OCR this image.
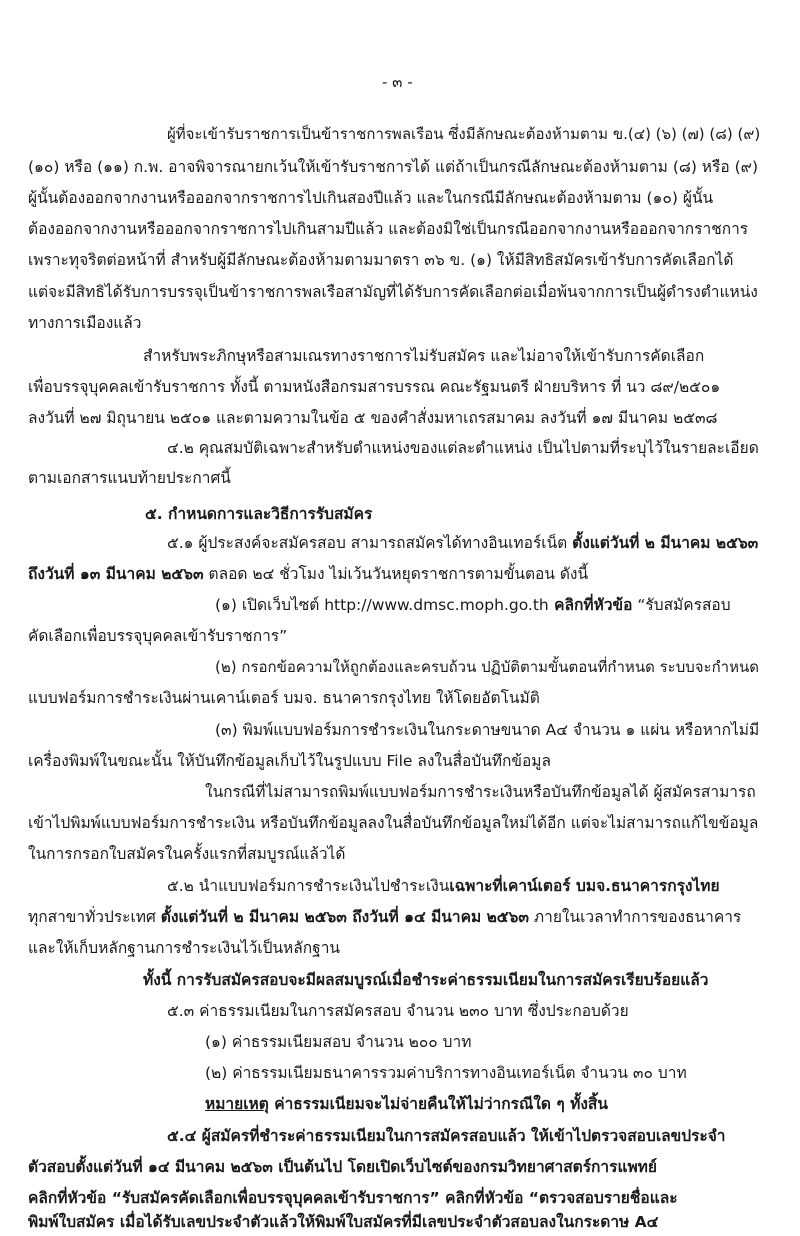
- ๓ -
ผู้ที่จะเข้ารับราชการเป็นข้าราชการพลเรือน ซึ่งมีลักษณะต้องห้ามตาม ข.(๔) (๖) (๗) (๘) (๙)
(๑๐) หรือ (๑๑) ก.พ. อาจพิจารณายกเว้นให้เข้ารับราชการได้ แต่ถ้าเป็นกรณีลักษณะต้องห้ามตาม (๘) หรือ (๙)
ผู้นั้นต้องออกจากงานหรือออกจากราชการไปเกินสองปีแล้ว และในกรณีมีลักษณะต้องห้ามตาม (๑๐) ผู้นั้น
ต้องออกจากงานหรือออกจากราชการไปเกินสามปีแล้ว และต้องมิใช่เป็นกรณีออกจากงานหรือออกจากราชการ
เพราะทุจริตต่อหน้าที่ สำหรับผู้มีลักษณะต้องห้ามตามมาตรา ๓๖ ข. (๑) ให้มีสิทธิสมัครเข้ารับการคัดเลือกได้
แต่จะมีสิทธิได้รับการบรรจุเป็นข้าราชการพลเรือสามัญที่ได้รับการคัดเลือกต่อเมื่อพ้นจากการเป็นผู้ดำรงตำแหน่ง
ทางการเมืองแล้ว
สำหรับพระภิกษุหรือสามเณรทางราชการไม่รับสมัคร และไม่อาจให้เข้ารับการคัดเลือก
เพื่อบรรจุบุคคลเข้ารับราชการ ทั้งนี้ ตามหนังสือกรมสารบรรณ คณะรัฐมนตรี ฝ่ายบริหาร ที่ นว ๘๙/๒๕๐๑
ลงวันที่ ๒๗ มิถุนายน ๒๕๐๑ และตามความในข้อ ๕ ของคำสั่งมหาเถรสมาคม ลงวันที่ ๑๗ มีนาคม ๒๕๓๘
๔.๒ คุณสมบัติเฉพาะสำหรับตำแหน่งของแต่ละตำแหน่ง เป็นไปตามที่ระบุไว้ในรายละเอียด
ตามเอกสารแนบท้ายประกาศนี้
๕. กำหนดการและวิธีการรับสมัคร
๕.๑ ผู้ประสงค์จะสมัครสอบ สามารถสมัครได้ทางอินเทอร์เน็ต ตั้งแต่วันที่ ๒ มีนาคม ๒๕๖๓
ถึงวันที่ ๑๓ มีนาคม ๒๕๖๓ ตลอด ๒๔ ชั่วโมง ไม่เว้นวันหยุดราชการตามขั้นตอน ดังนี้
(๑) เปิดเว็บไซต์ http://www.dmsc.moph.go.th คลิกที่หัวข้อ “รับสมัครสอบ
คัดเลือกเพื่อบรรจุบุคคลเข้ารับราชการ”
(๒) กรอกข้อความให้ถูกต้องและครบถ้วน ปฏิบัติตามขั้นตอนที่กำหนด ระบบจะกำหนด
แบบฟอร์มการชำระเงินผ่านเคาน์เตอร์ บมจ. ธนาคารกรุงไทย ให้โดยอัตโนมัติ
(๓) พิมพ์แบบฟอร์มการชำระเงินในกระดาษขนาด A๔ จำนวน ๑ แผ่น หรือหากไม่มี
เครื่องพิมพ์ในขณะนั้น ให้บันทึกข้อมูลเก็บไว้ในรูปแบบ File ลงในสื่อบันทึกข้อมูล
ในกรณีที่ไม่สามารถพิมพ์แบบฟอร์มการชำระเงินหรือบันทึกข้อมูลได้ ผู้สมัครสามารถ
เข้าไปพิมพ์แบบฟอร์มการชำระเงิน หรือบันทึกข้อมูลลงในสื่อบันทึกข้อมูลใหม่ได้อีก แต่จะไม่สามารถแก้ไขข้อมูล
ในการกรอกใบสมัครในครั้งแรกที่สมบูรณ์แล้วได้
๕.๒ นำแบบฟอร์มการชำระเงินไปชำระเงินเฉพาะที่เคาน์เตอร์ บมจ.ธนาคารกรุงไทย
ทุกสาขาทั่วประเทศ ตั้งแต่วันที่ ๒ มีนาคม ๒๕๖๓ ถึงวันที่ ๑๔ มีนาคม ๒๕๖๓ ภายในเวลาทำการของธนาคาร
และให้เก็บหลักฐานการชำระเงินไว้เป็นหลักฐาน
ทั้งนี้ การรับสมัครสอบจะมีผลสมบูรณ์เมื่อชำระค่าธรรมเนียมในการสมัครเรียบร้อยแล้ว
๕.๓ ค่าธรรมเนียมในการสมัครสอบ จำนวน ๒๓๐ บาท ซึ่งประกอบด้วย
(๑) ค่าธรรมเนียมสอบ จำนวน ๒๐๐ บาท
(๒) ค่าธรรมเนียมธนาคารรวมค่าบริการทางอินเทอร์เน็ต จำนวน ๓๐ บาท
หมายเหตุ ค่าธรรมเนียมจะไม่จ่ายคืนให้ไม่ว่ากรณีใด ๆ ทั้งสิ้น
๕.๔ ผู้สมัครที่ชำระค่าธรรมเนียมในการสมัครสอบแล้ว ให้เข้าไปตรวจสอบเลขประจำ
ตัวสอบตั้งแต่วันที่ ๑๔ มีนาคม ๒๕๖๓ เป็นต้นไป โดยเปิดเว็บไซต์ของกรมวิทยาศาสตร์การแพทย์
คลิกที่หัวข้อ “รับสมัครคัดเลือกเพื่อบรรจุบุคคลเข้ารับราชการ” คลิกที่หัวข้อ “ตรวจสอบรายชื่อและ
พิมพ์ใบสมัคร เมื่อได้รับเลขประจำตัวแล้วให้พิมพ์ใบสมัครที่มีเลขประจำตัวสอบลงในกระดาษ A๔
